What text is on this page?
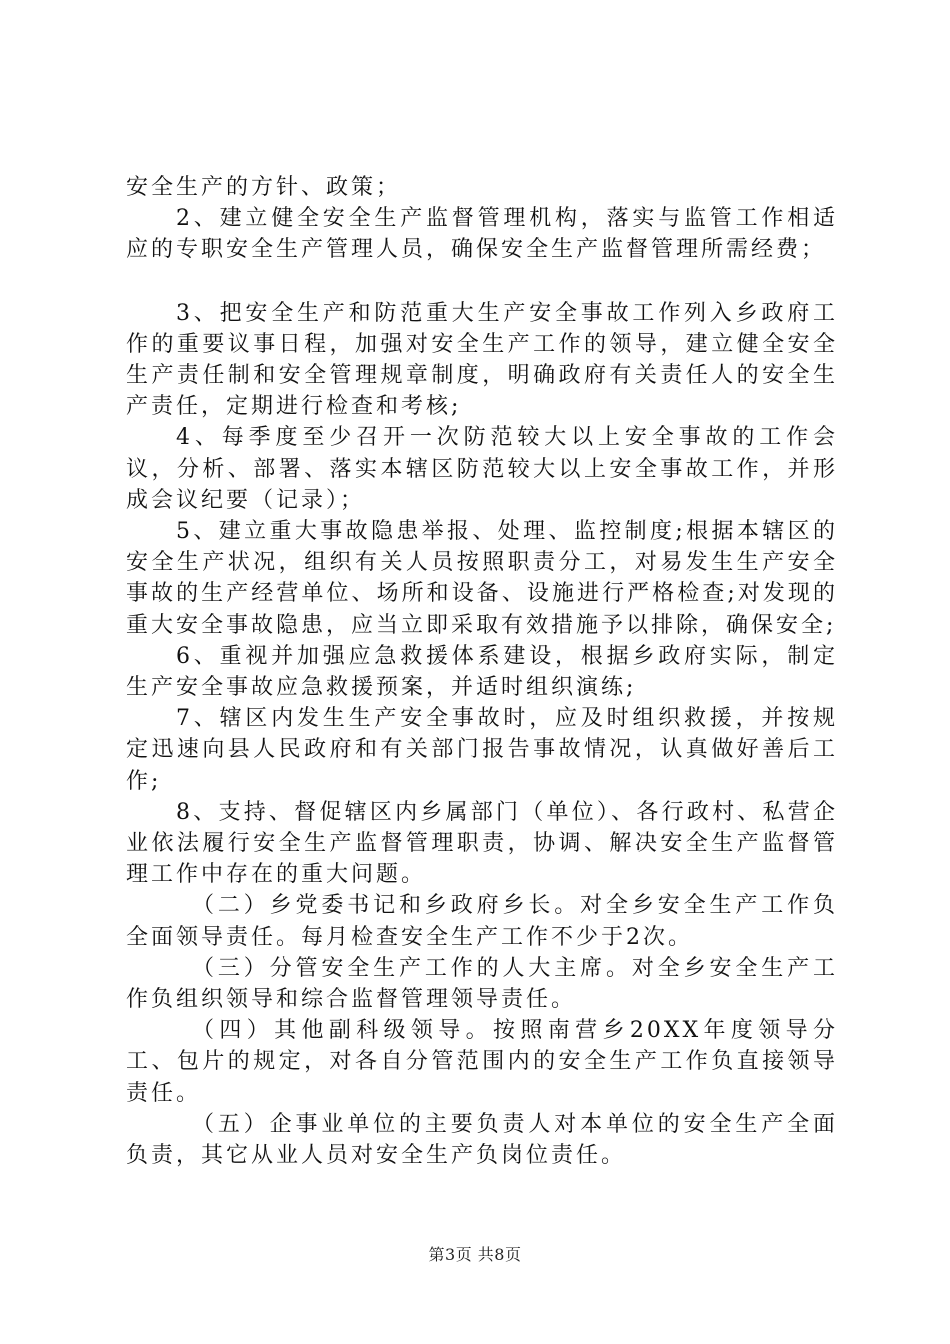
安全生产的方针、政策；

2、建立健全安全生产监督管理机构，落实与监管工作相适应的专职安全生产管理人员，确保安全生产监督管理所需经费；

3、把安全生产和防范重大生产安全事故工作列入乡政府工作的重要议事日程，加强对安全生产工作的领导，建立健全安全生产责任制和安全管理规章制度，明确政府有关责任人的安全生产责任，定期进行检查和考核;

4、每季度至少召开一次防范较大以上安全事故的工作会议，分析、部署、落实本辖区防范较大以上安全事故工作，并形成会议纪要（记录）；

5、建立重大事故隐患举报、处理、监控制度;根据本辖区的安全生产状况，组织有关人员按照职责分工，对易发生生产安全事故的生产经营单位、场所和设备、设施进行严格检查;对发现的重大安全事故隐患，应当立即采取有效措施予以排除，确保安全;

6、重视并加强应急救援体系建设，根据乡政府实际，制定生产安全事故应急救援预案，并适时组织演练;

7、辖区内发生生产安全事故时，应及时组织救援，并按规定迅速向县人民政府和有关部门报告事故情况，认真做好善后工作;

8、支持、督促辖区内乡属部门（单位）、各行政村、私营企业依法履行安全生产监督管理职责，协调、解决安全生产监督管理工作中存在的重大问题。

（二）乡党委书记和乡政府乡长。对全乡安全生产工作负全面领导责任。每月检查安全生产工作不少于2次。

（三）分管安全生产工作的人大主席。对全乡安全生产工作负组织领导和综合监督管理领导责任。

（四）其他副科级领导。按照南营乡20XX年度领导分工、包片的规定，对各自分管范围内的安全生产工作负直接领导责任。

（五）企事业单位的主要负责人对本单位的安全生产全面负责，其它从业人员对安全生产负岗位责任。

第3页 共8页
